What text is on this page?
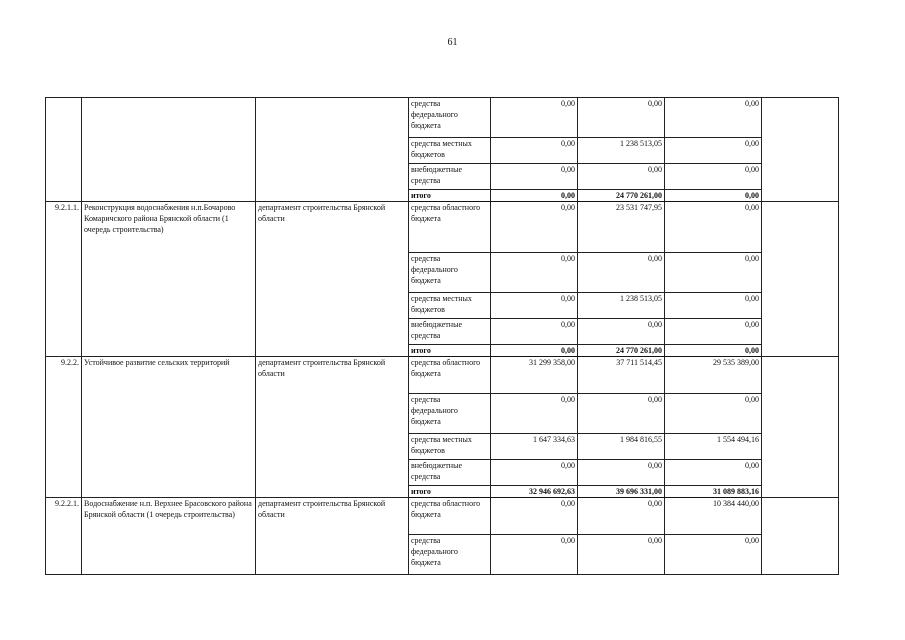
61
			средства федерального бюджета	0,00	0,00	0,00	
			средства местных бюджетов	0,00	1 238 513,05	0,00	
			внебюджетные средства	0,00	0,00	0,00	
			итого	0,00	24 770 261,00	0,00	
9.2.1.1.	Реконструкция водоснабжения н.п.Бочарово Комаричского района Брянской области (1 очередь строительства)	департамент строительства Брянской области	средства областного бюджета	0,00	23 531 747,95	0,00	
			средства федерального бюджета	0,00	0,00	0,00	
			средства местных бюджетов	0,00	1 238 513,05	0,00	
			внебюджетные средства	0,00	0,00	0,00	
			итого	0,00	24 770 261,00	0,00	
9.2.2.	Устойчивое развитие сельских территорий	департамент строительства Брянской области	средства областного бюджета	31 299 358,00	37 711 514,45	29 535 389,00	
			средства федерального бюджета	0,00	0,00	0,00	
			средства местных бюджетов	1 647 334,63	1 984 816,55	1 554 494,16	
			внебюджетные средства	0,00	0,00	0,00	
			итого	32 946 692,63	39 696 331,00	31 089 883,16	
9.2.2.1.	Водоснабжение н.п. Верхнее Брасовского района Брянской области (1 очередь строительства)	департамент строительства Брянской области	средства областного бюджета	0,00	0,00	10 384 440,00	
			средства федерального бюджета	0,00	0,00	0,00	
